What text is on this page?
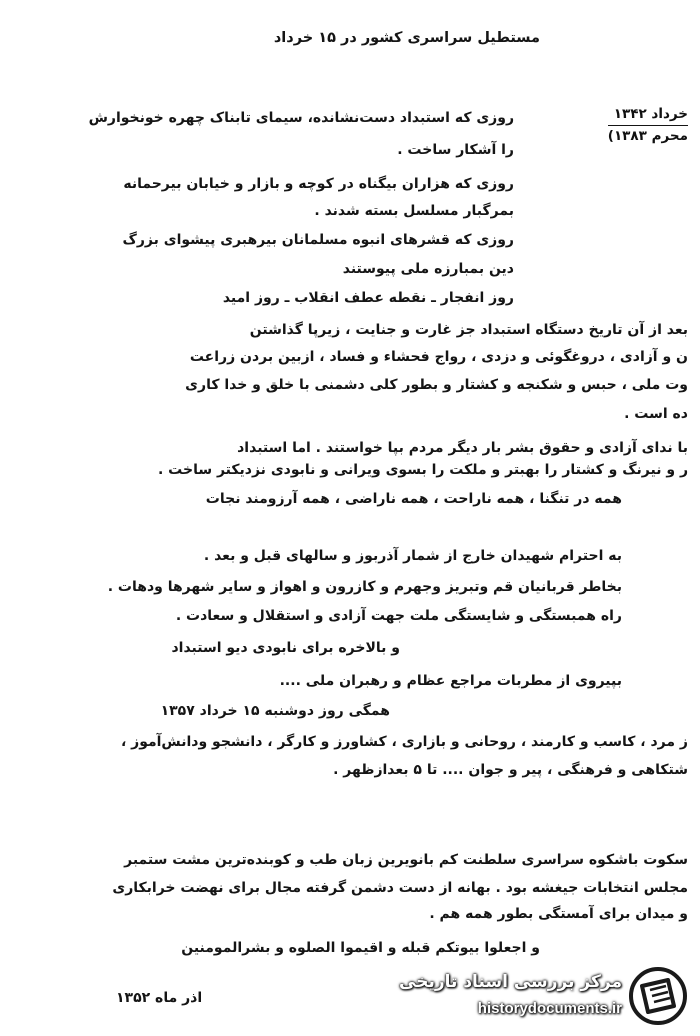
مستطیل سراسری کشور در ۱۵ خرداد
خرداد ۱۳۴۲
محرم ۱۳۸۳)
روزی که استبداد دست‌نشانده، سیمای تابناک چهره خونخوارش
را آشکار ساخت .
روزی که هزاران بیگناه در کوچه و بازار و خیابان بیرحمانه
بمرگبار مسلسل بسته شدند .
روزی که قشرهای انبوه مسلمانان بیرهبری پیشوای بزرگ
دین بمبارزه ملی پیوستند
روز انفجار ـ نقطه عطف انقلاب ـ روز امید
بعد از آن تاریخ دستگاه استبداد جز غارت و جنایت ، زیرپا گذاشتن
ن و آزادی ، دروغگوئی و دزدی ، رواج فحشاء و فساد ، ازبین بردن زراعت
وت ملی ، حبس و شکنجه و کشتار و بطور کلی دشمنی با خلق و خدا کاری
ده است .
با ندای آزادی و حقوق بشر بار دیگر مردم بپا خواستند . اما استبداد
ر و نیرنگ و کشتار را بهبتر و ملکت را بسوی ویرانی و نابودی نزدیکتر ساخت .
همه در تنگنا ، همه ناراحت ، همه ناراضی ، همه آرزومند نجات
به احترام شهیدان خارج از شمار آذربوز و سالهای قبل و بعد .
بخاطر قربانیان قم وتبریز وجهرم و کازرون و اهواز و سایر شهرها ودهات .
راه همبستگی و شایستگی ملت جهت آزادی و استقلال و سعادت .
و بالاخره برای نابودی دیو استبداد
بپیروی از مطربات مراجع عظام و رهبران ملی ....
همگی روز دوشنبه ۱۵ خرداد ۱۳۵۷
ز مرد ، کاسب و کارمند ، روحانی و بازاری ، کشاورز و کارگر ، دانشجو ودانش‌آموز ،
شتکاهی و فرهنگی ، پیر و جوان .... تا ۵ بعدازظهر .
سکوت باشکوه سراسری سلطنت کم بانویرین زبان طب و کوبنده‌ترین مشت ستمبر
مجلس انتخابات جیغشه بود . بهانه از دست دشمن گرفته مجال برای نهضت خرابکاری
و میدان برای آمستگی بطور همه هم .
و اجعلوا بیوتکم قبله و اقیموا الصلوه و بشرالمومنین
اذر ماه ۱۳۵۲
مرکز بررسی اسناد تاریخی
historydocuments.ir
